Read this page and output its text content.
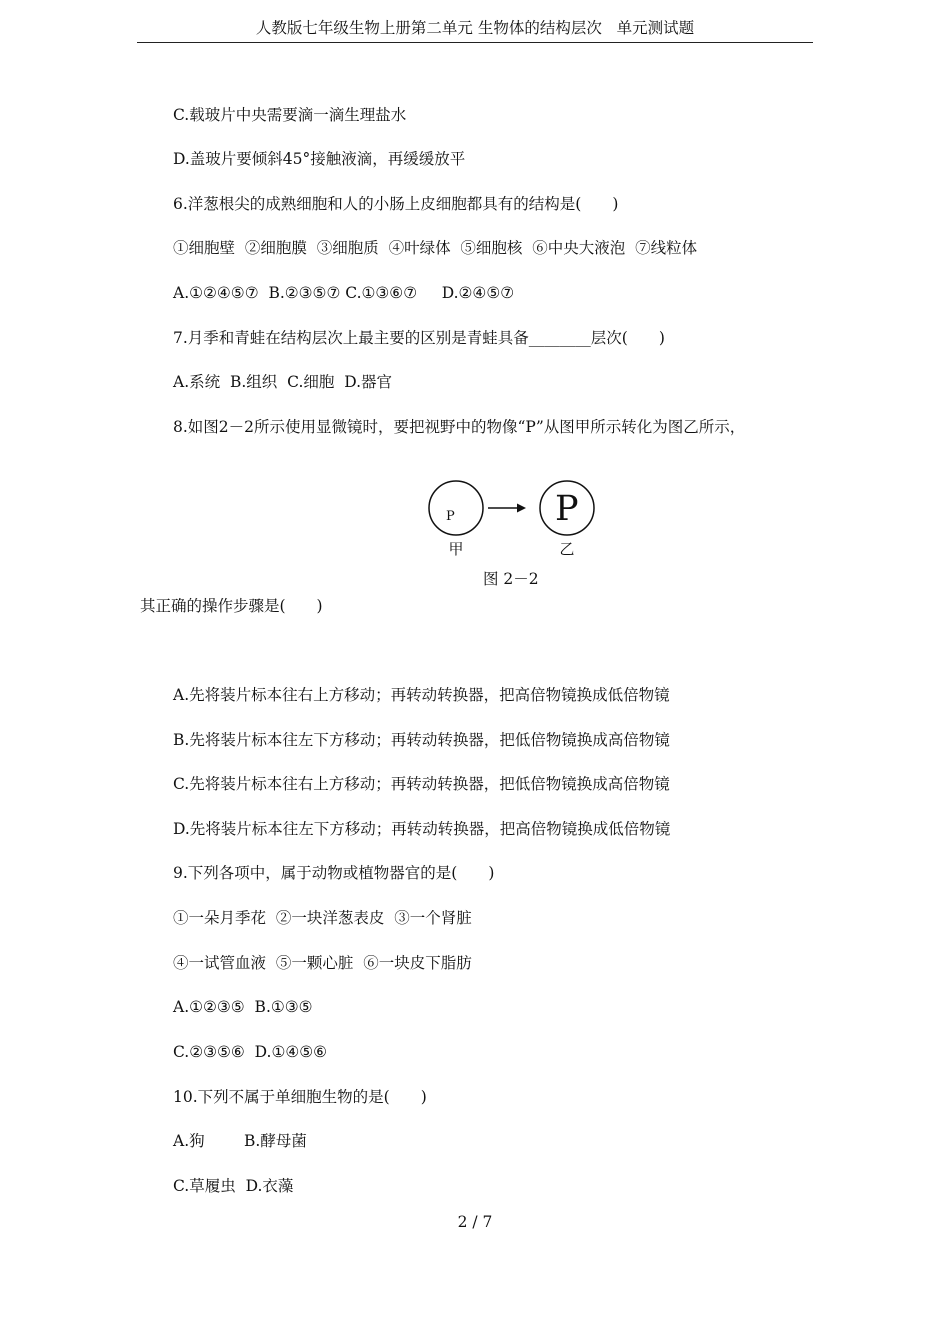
人教版七年级生物上册第二单元 生物体的结构层次   单元测试题
C.载玻片中央需要滴一滴生理盐水
D.盖玻片要倾斜45°接触液滴，再缓缓放平
6.洋葱根尖的成熟细胞和人的小肠上皮细胞都具有的结构是(　　)
①细胞壁  ②细胞膜  ③细胞质  ④叶绿体  ⑤细胞核  ⑥中央大液泡  ⑦线粒体
A.①②④⑤⑦  B.②③⑤⑦ C.①③⑥⑦     D.②④⑤⑦
7.月季和青蛙在结构层次上最主要的区别是青蛙具备________层次(　　)
A.系统  B.组织  C.细胞  D.器官
8.如图2－2所示使用显微镜时，要把视野中的物像“P”从图甲所示转化为图乙所示，
P	P
甲	乙
图 2－2
其正确的操作步骤是(　　)
A.先将装片标本往右上方移动；再转动转换器，把高倍物镜换成低倍物镜
B.先将装片标本往左下方移动；再转动转换器，把低倍物镜换成高倍物镜
C.先将装片标本往右上方移动；再转动转换器，把低倍物镜换成高倍物镜
D.先将装片标本往左下方移动；再转动转换器，把高倍物镜换成低倍物镜
9.下列各项中，属于动物或植物器官的是(　　)
①一朵月季花  ②一块洋葱表皮  ③一个肾脏
④一试管血液  ⑤一颗心脏  ⑥一块皮下脂肪
A.①②③⑤  B.①③⑤
C.②③⑤⑥  D.①④⑤⑥
10.下列不属于单细胞生物的是(　　)
A.狗        B.酵母菌
C.草履虫  D.衣藻
2 / 7
